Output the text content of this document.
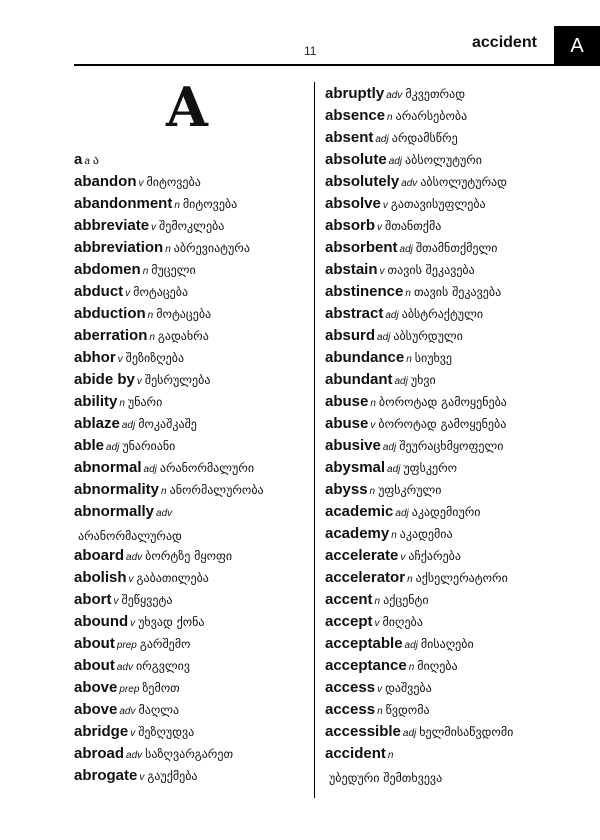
11	accident A
A
aa ა
abandon v მიტოვება
abandonment n მიტოვება
abbreviate v შემოკლება
abbreviation n აბრევიატურა
abdomen n მუცელი
abduct v მოტაცება
abduction n მოტაცება
aberration n გადახრა
abhor v შეზიზღება
abide by v შესრულება
ability n უნარი
ablaze adj მოკაშკაშე
able adj უნარიანი
abnormal adj არანორმალური
abnormality n ანორმალურობა
abnormally adv
არანორმალურად
aboard adv ბორტზე მყოფი
abolish v გაბათილება
abort v შეწყვეტა
abound v უხვად ქონა
about prep გარშემო
about adv ირგვლივ
above prep ზემოთ
above adv მაღლა
abridge v შეზღუდვა
abroad adv საზღვარგარეთ
abrogate v გაუქმება
abruptly adv მკვეთრად
absence n არარსებობა
absent adj არდამსწრე
absolute adj აბსოლუტური
absolutely adv აბსოლუტურად
absolve v გათავისუფლება
absorb v შთანთქმა
absorbent adj შთამნთქმელი
abstain v თავის შეკავება
abstinence n თავის შეკავება
abstract adj აბსტრაქტული
absurd adj აბსურდული
abundance n სიუხვე
abundant adj უხვი
abuse n ბოროტად გამოყენება
abuse v ბოროტად გამოყენება
abusive adj შეურაცხმყოფელი
abysmal adj უფსკერო
abyss n უფსკრული
academic adj აკადემიური
academy n აკადემია
accelerate v აჩქარება
accelerator n აქსელერატორი
accent n აქცენტი
accept v მიღება
acceptable adj მისაღები
acceptance n მიღება
access v დაშვება
access n წვდომა
accessible adj ხელმისაწვდომი
accident n
უბედური შემთხვევა
